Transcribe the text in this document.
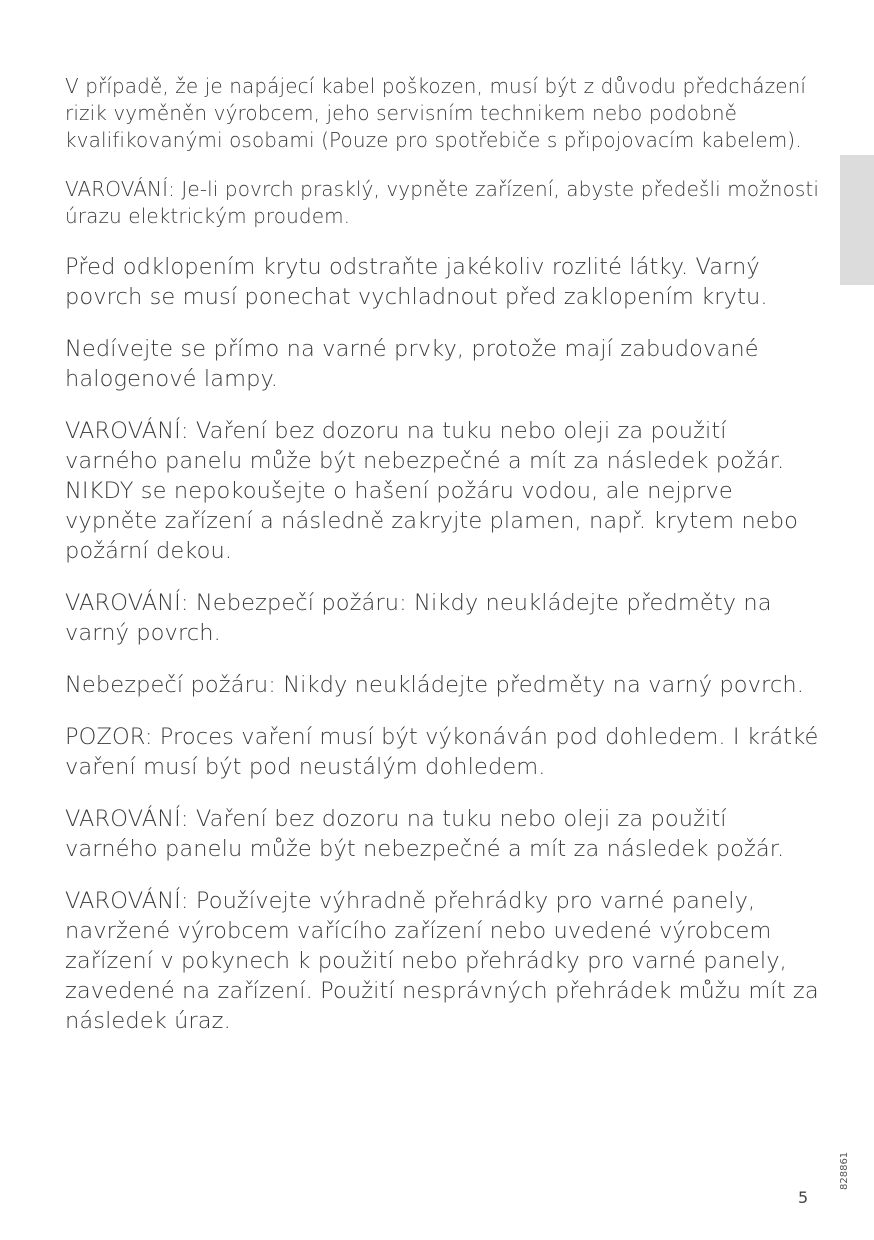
V případě, že je napájecí kabel poškozen, musí být z důvodu předcházení rizik vyměněn výrobcem, jeho servisním technikem nebo podobně kvalifikovanými osobami (Pouze pro spotřebiče s připojovacím kabelem).

VAROVÁNÍ: Je-li povrch prasklý, vypněte zařízení, abyste předešli možnosti úrazu elektrickým proudem.

Před odklopením krytu odstraňte jakékoliv rozlité látky. Varný povrch se musí ponechat vychladnout před zaklopením krytu.

Nedívejte se přímo na varné prvky, protože mají zabudované halogenové lampy.

VAROVÁNÍ: Vaření bez dozoru na tuku nebo oleji za použití varného panelu může být nebezpečné a mít za následek požár. NIKDY se nepokoušejte o hašení požáru vodou, ale nejprve vypněte zařízení a následně zakryjte plamen, např. krytem nebo požární dekou.

VAROVÁNÍ: Nebezpečí požáru: Nikdy neukládejte předměty na varný povrch.

Nebezpečí požáru: Nikdy neukládejte předměty na varný povrch.

POZOR: Proces vaření musí být výkonáván pod dohledem. I krátké vaření musí být pod neustálým dohledem.

VAROVÁNÍ: Vaření bez dozoru na tuku nebo oleji za použití varného panelu může být nebezpečné a mít za následek požár.

VAROVÁNÍ: Používejte výhradně přehrádky pro varné panely, navržené výrobcem vařícího zařízení nebo uvedené výrobcem zařízení v pokynech k použití nebo přehrádky pro varné panely, zavedené na zařízení. Použití nesprávných přehrádek můžu mít za následek úraz.

5
828861
